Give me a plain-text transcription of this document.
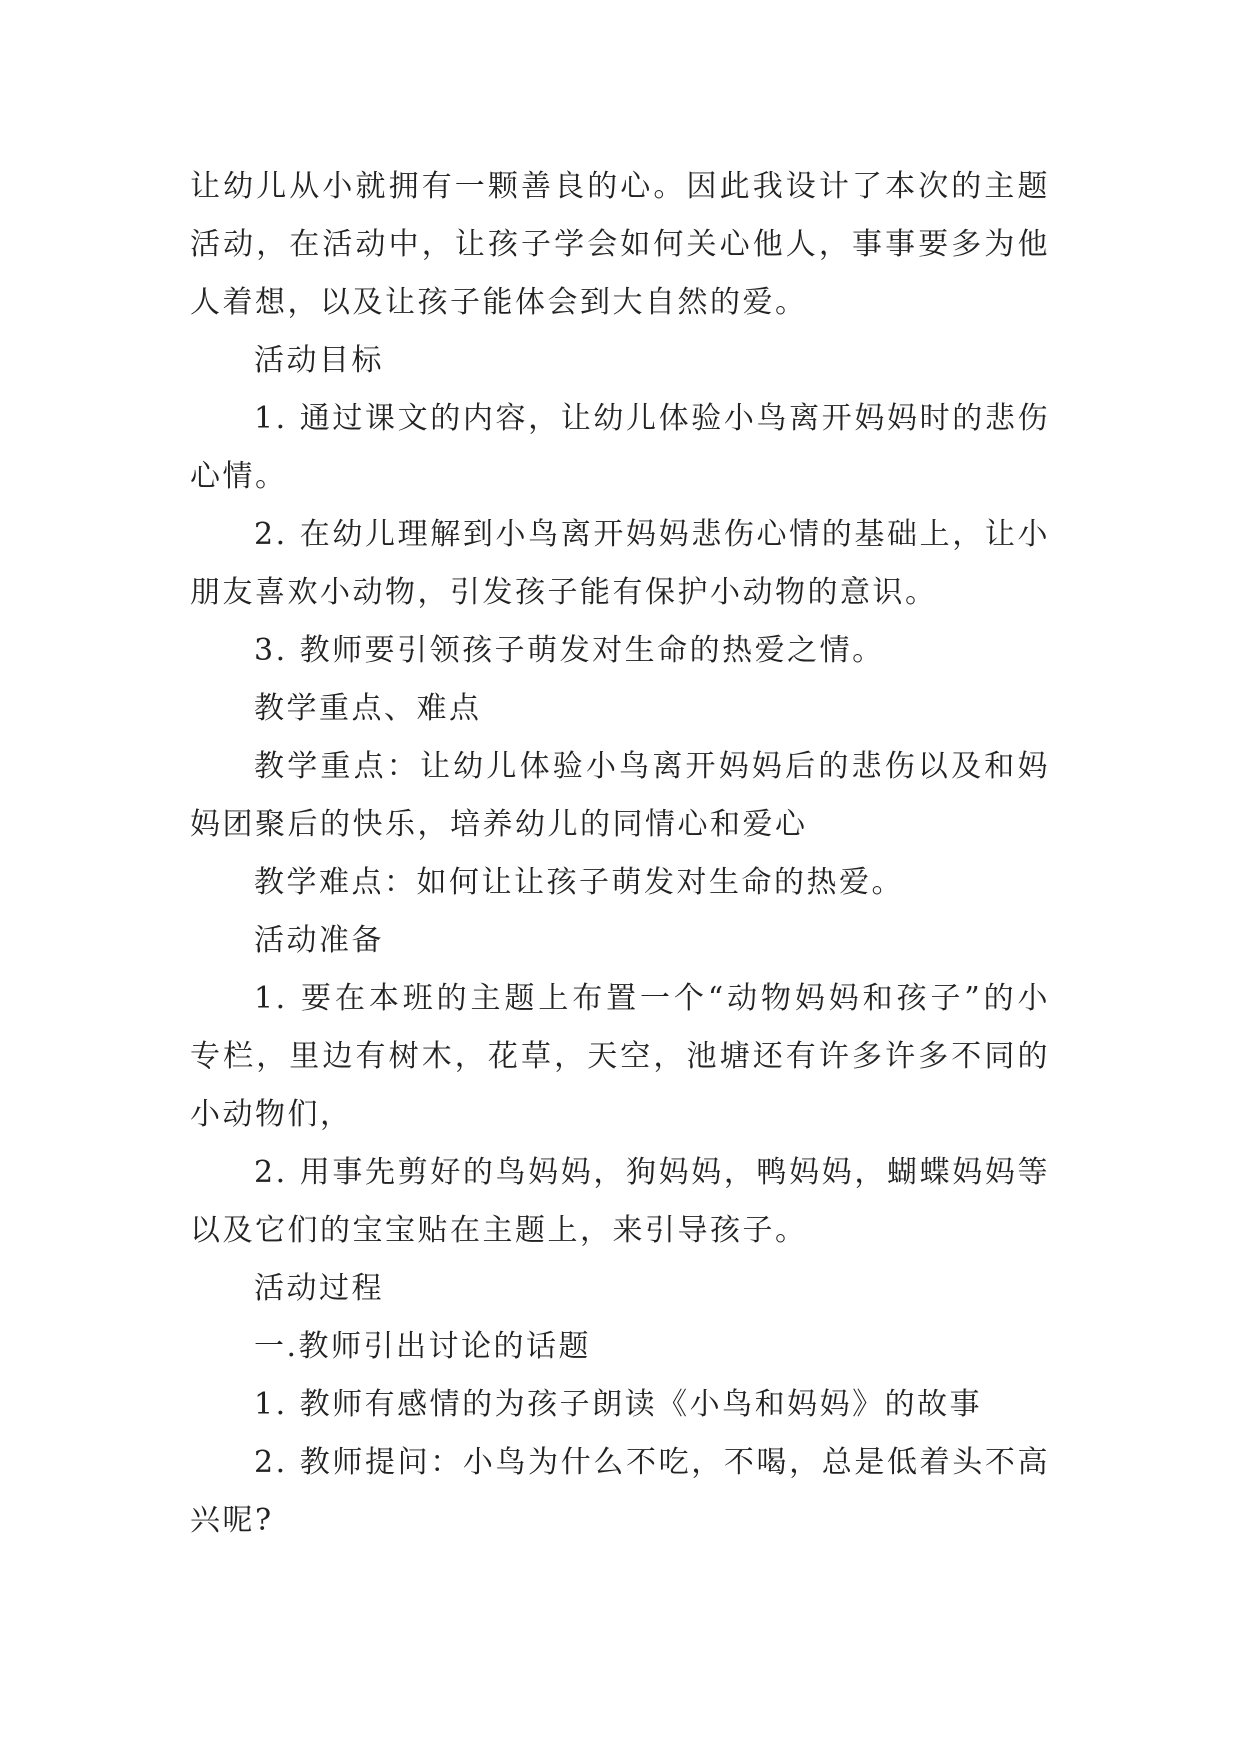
让幼儿从小就拥有一颗善良的心。因此我设计了本次的主题活动，在活动中，让孩子学会如何关心他人，事事要多为他人着想，以及让孩子能体会到大自然的爱。

活动目标

1. 通过课文的内容，让幼儿体验小鸟离开妈妈时的悲伤心情。

2. 在幼儿理解到小鸟离开妈妈悲伤心情的基础上，让小朋友喜欢小动物，引发孩子能有保护小动物的意识。

3. 教师要引领孩子萌发对生命的热爱之情。

教学重点、难点

教学重点：让幼儿体验小鸟离开妈妈后的悲伤以及和妈妈团聚后的快乐，培养幼儿的同情心和爱心

教学难点：如何让让孩子萌发对生命的热爱。

活动准备

1. 要在本班的主题上布置一个“动物妈妈和孩子”的小专栏，里边有树木，花草，天空，池塘还有许多许多不同的小动物们，

2. 用事先剪好的鸟妈妈，狗妈妈，鸭妈妈，蝴蝶妈妈等以及它们的宝宝贴在主题上，来引导孩子。

活动过程

一.教师引出讨论的话题

1. 教师有感情的为孩子朗读《小鸟和妈妈》的故事

2. 教师提问：小鸟为什么不吃，不喝，总是低着头不高兴呢?
